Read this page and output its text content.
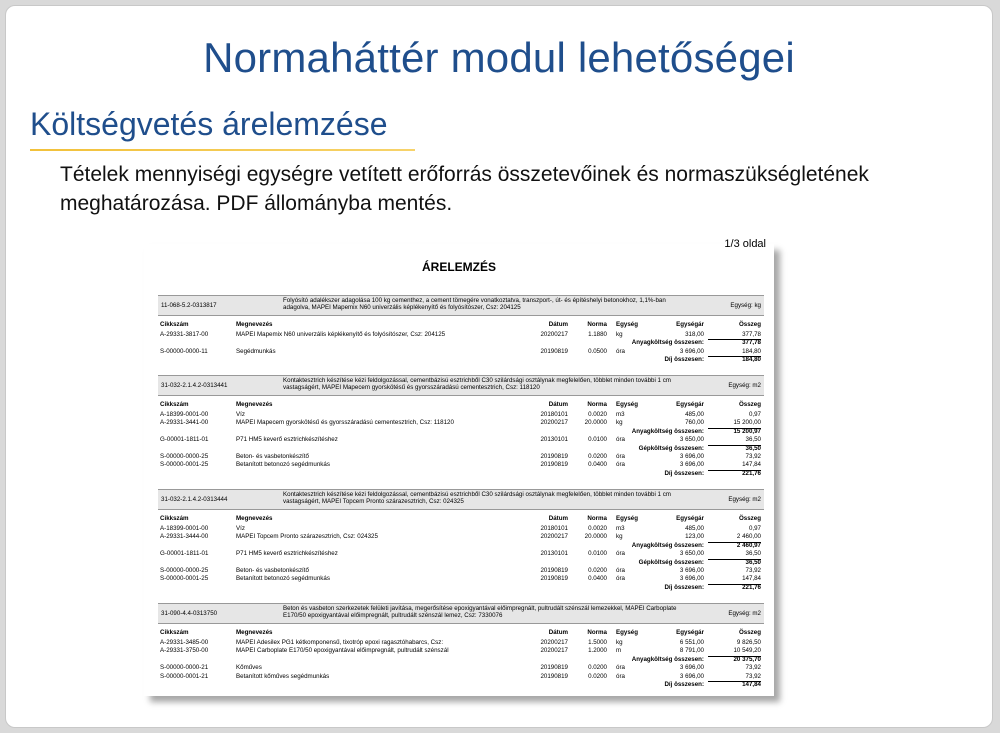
Normaháttér modul lehetőségei
Költségvetés árelemzése
Tételek mennyiségi egységre vetített erőforrás összetevőinek és normaszükségletének meghatározása. PDF állományba mentés.
1/3 oldal
ÁRELEMZÉS
11-068-5.2-0313817
Folyósító adalékszer adagolása 100 kg cementhez, a cement tömegére vonatkoztatva, transzport-, út- és építéshelyi betonokhoz, 1,1%-ban adagolva, MAPEI Mapemix N60 univerzális képlékenyítő és folyósítószer, Csz: 204125	Egység: kg
Cikkszám	Megnevezés	Dátum	Norma Egység	Egységár	Összeg
A-29331-3817-00	MAPEI Mapemix N60 univerzális képlékenyítő és folyósítószer, Csz: 204125	20200217	1.1880 kg	318,00	377,78
Anyagköltség összesen:	377,78
S-00000-0000-11	Segédmunkás	20190819	0.0500 óra	3 696,00	184,80
Díj összesen:	184,80
31-032-2.1.4.2-0313441
Kontaktesztrich készítése kézi feldolgozással, cementbázisú esztrichből C30 szilárdsági osztálynak megfelelően, többlet minden további 1 cm vastagságért, MAPEI Mapecem gyorskötésű és gyorsszáradású cementesztrich, Csz: 118120	Egység: m2
Cikkszám	Megnevezés	Dátum	Norma Egység	Egységár	Összeg
A-18399-0001-00	Víz	20180101	0.0020 m3	485,00	0,97
A-29331-3441-00	MAPEI Mapecem gyorskötésű és gyorsszáradású cementesztrich, Csz: 118120	20200217	20.0000 kg	760,00	15 200,00
Anyagköltség összesen:	15 200,97
G-00001-1811-01	P71 HM5 keverő esztrichkészítéshez	20130101	0.0100 óra	3 650,00	36,50
Gépköltség összesen:	36,50
S-00000-0000-25	Beton- és vasbetonkészítő	20190819	0.0200 óra	3 696,00	73,92
S-00000-0001-25	Betanított betonozó segédmunkás	20190819	0.0400 óra	3 696,00	147,84
Díj összesen:	221,76
31-032-2.1.4.2-0313444
Kontaktesztrich készítése kézi feldolgozással, cementbázisú esztrichből C30 szilárdsági osztálynak megfelelően, többlet minden további 1 cm vastagságért, MAPEI Topcem Pronto szárazesztrich, Csz: 024325	Egység: m2
Cikkszám	Megnevezés	Dátum	Norma Egység	Egységár	Összeg
A-18399-0001-00	Víz	20180101	0.0020 m3	485,00	0,97
A-29331-3444-00	MAPEI Topcem Pronto szárazesztrich, Csz: 024325	20200217	20.0000 kg	123,00	2 460,00
Anyagköltség összesen:	2 460,97
G-00001-1811-01	P71 HM5 keverő esztrichkészítéshez	20130101	0.0100 óra	3 650,00	36,50
Gépköltség összesen:	36,50
S-00000-0000-25	Beton- és vasbetonkészítő	20190819	0.0200 óra	3 696,00	73,92
S-00000-0001-25	Betanított betonozó segédmunkás	20190819	0.0400 óra	3 696,00	147,84
Díj összesen:	221,76
31-090-4.4-0313750
Beton és vasbeton szerkezetek felületi javítása, megerősítése epoxigyantával előimpregnált, pultrudált szénszál lemezekkel, MAPEI Carboplate E170/50 epoxigyantával előimpregnált, pultrudált szénszál lemez, Csz: 7330076	Egység: m2
Cikkszám	Megnevezés	Dátum	Norma Egység	Egységár	Összeg
A-29331-3485-00	MAPEI Adesilex PG1 kétkomponensű, tixotróp epoxi ragasztóhabarcs, Csz:	20200217	1.5000 kg	6 551,00	9 826,50
A-29331-3750-00	MAPEI Carboplate E170/50 epoxigyantával előimpregnált, pultrudált szénszál	20200217	1.2000 m	8 791,00	10 549,20
Anyagköltség összesen:	20 375,70
S-00000-0000-21	Kőműves	20190819	0.0200 óra	3 696,00	73,92
S-00000-0001-21	Betanított kőműves segédmunkás	20190819	0.0200 óra	3 696,00	73,92
Díj összesen:	147,84
